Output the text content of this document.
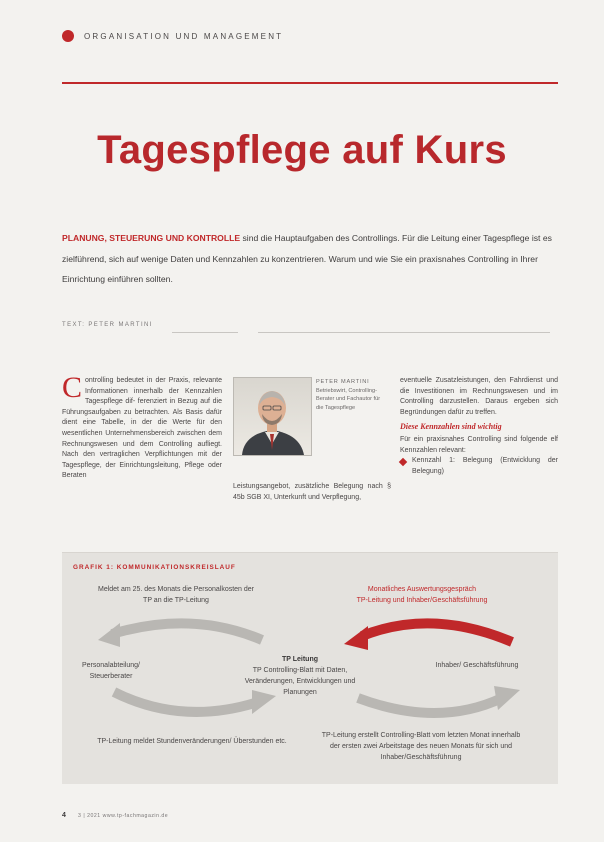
ORGANISATION UND MANAGEMENT
Tagespflege auf Kurs
PLANUNG, STEUERUNG UND KONTROLLE sind die Hauptaufgaben des Controllings. Für die Leitung einer Tagespflege ist es zielführend, sich auf wenige Daten und Kennzahlen zu konzentrieren. Warum und wie Sie ein praxisnahes Controlling in Ihrer Einrichtung einführen sollten.
TEXT: PETER MARTINI
C ontrolling bedeutet in der Praxis, relevante Informationen innerhalb der Kennzahlen Tagespflege dif- ferenziert in Bezug auf die Führungsaufgaben zu betrachten. Als Basis dafür dient eine Tabelle, in der die Werte für den wesentlichen Unternehmensbereich zwischen dem Rechnungswesen und dem Controlling aufliegt. Nach den vertraglichen Verpflichtungen mit der Tagespflege, der Einrichtungsleitung, Pflege oder Beraten
PETER MARTINI
Betriebswirt, Controlling-Berater und Fachautor für die Tagespflege
Leistungsangebot, zusätzliche Belegung nach § 45b SGB XI, Unterkunft und Verpflegung,

eventuelle Zusatzleistungen, den Fahrdienst und die Investitionen im Rechnungswesen und im Controlling darzustellen. Daraus ergeben sich Begründungen dafür zu treffen.

Diese Kennzahlen sind wichtig

Für ein praxisnahes Controlling sind folgende elf Kennzahlen relevant:

Kennzahl 1: Belegung (Entwicklung der Belegung)
GRAFIK 1: KOMMUNIKATIONSKREISLAUF
Meldet am 25. des Monats die Personalkosten der TP an die TP-Leitung
Monatliches Auswertungsgespräch
TP-Leitung und Inhaber/Geschäftsführung
Personalabteilung/ Steuerberater
Inhaber/ Geschäftsführung
TP Leitung
TP Controlling-Blatt mit Daten, Veränderungen, Entwicklungen und Planungen
TP-Leitung meldet Stundenveränderungen/ Überstunden etc.
TP-Leitung erstellt Controlling-Blatt vom letzten Monat innerhalb der ersten zwei Arbeitstage des neuen Monats für sich und Inhaber/Geschäftsführung
4 3 | 2021 www.tp-fachmagazin.de
